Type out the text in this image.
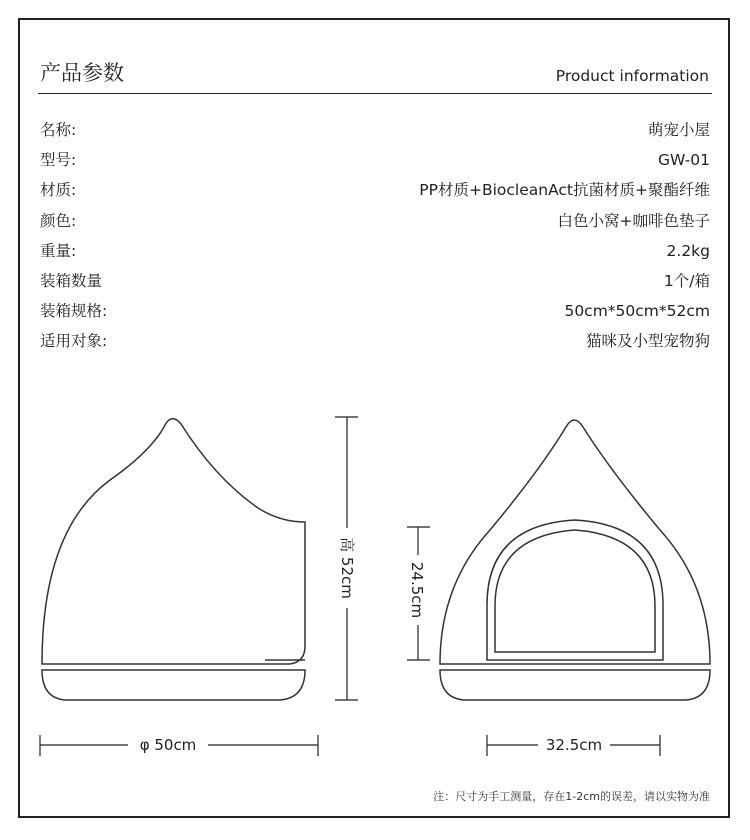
产品参数	Product information
名称:	萌宠小屋
型号:	GW-01
材质:	PP材质+BiocleanAct抗菌材质+聚酯纤维
颜色:	白色小窝+咖啡色垫子
重量:	2.2kg
装箱数量	1个/箱
装箱规格:	50cm*50cm*52cm
适用对象:	猫咪及小型宠物狗
高 52cm
φ 50cm
24.5cm
32.5cm
注：尺寸为手工测量，存在1-2cm的误差，请以实物为准
